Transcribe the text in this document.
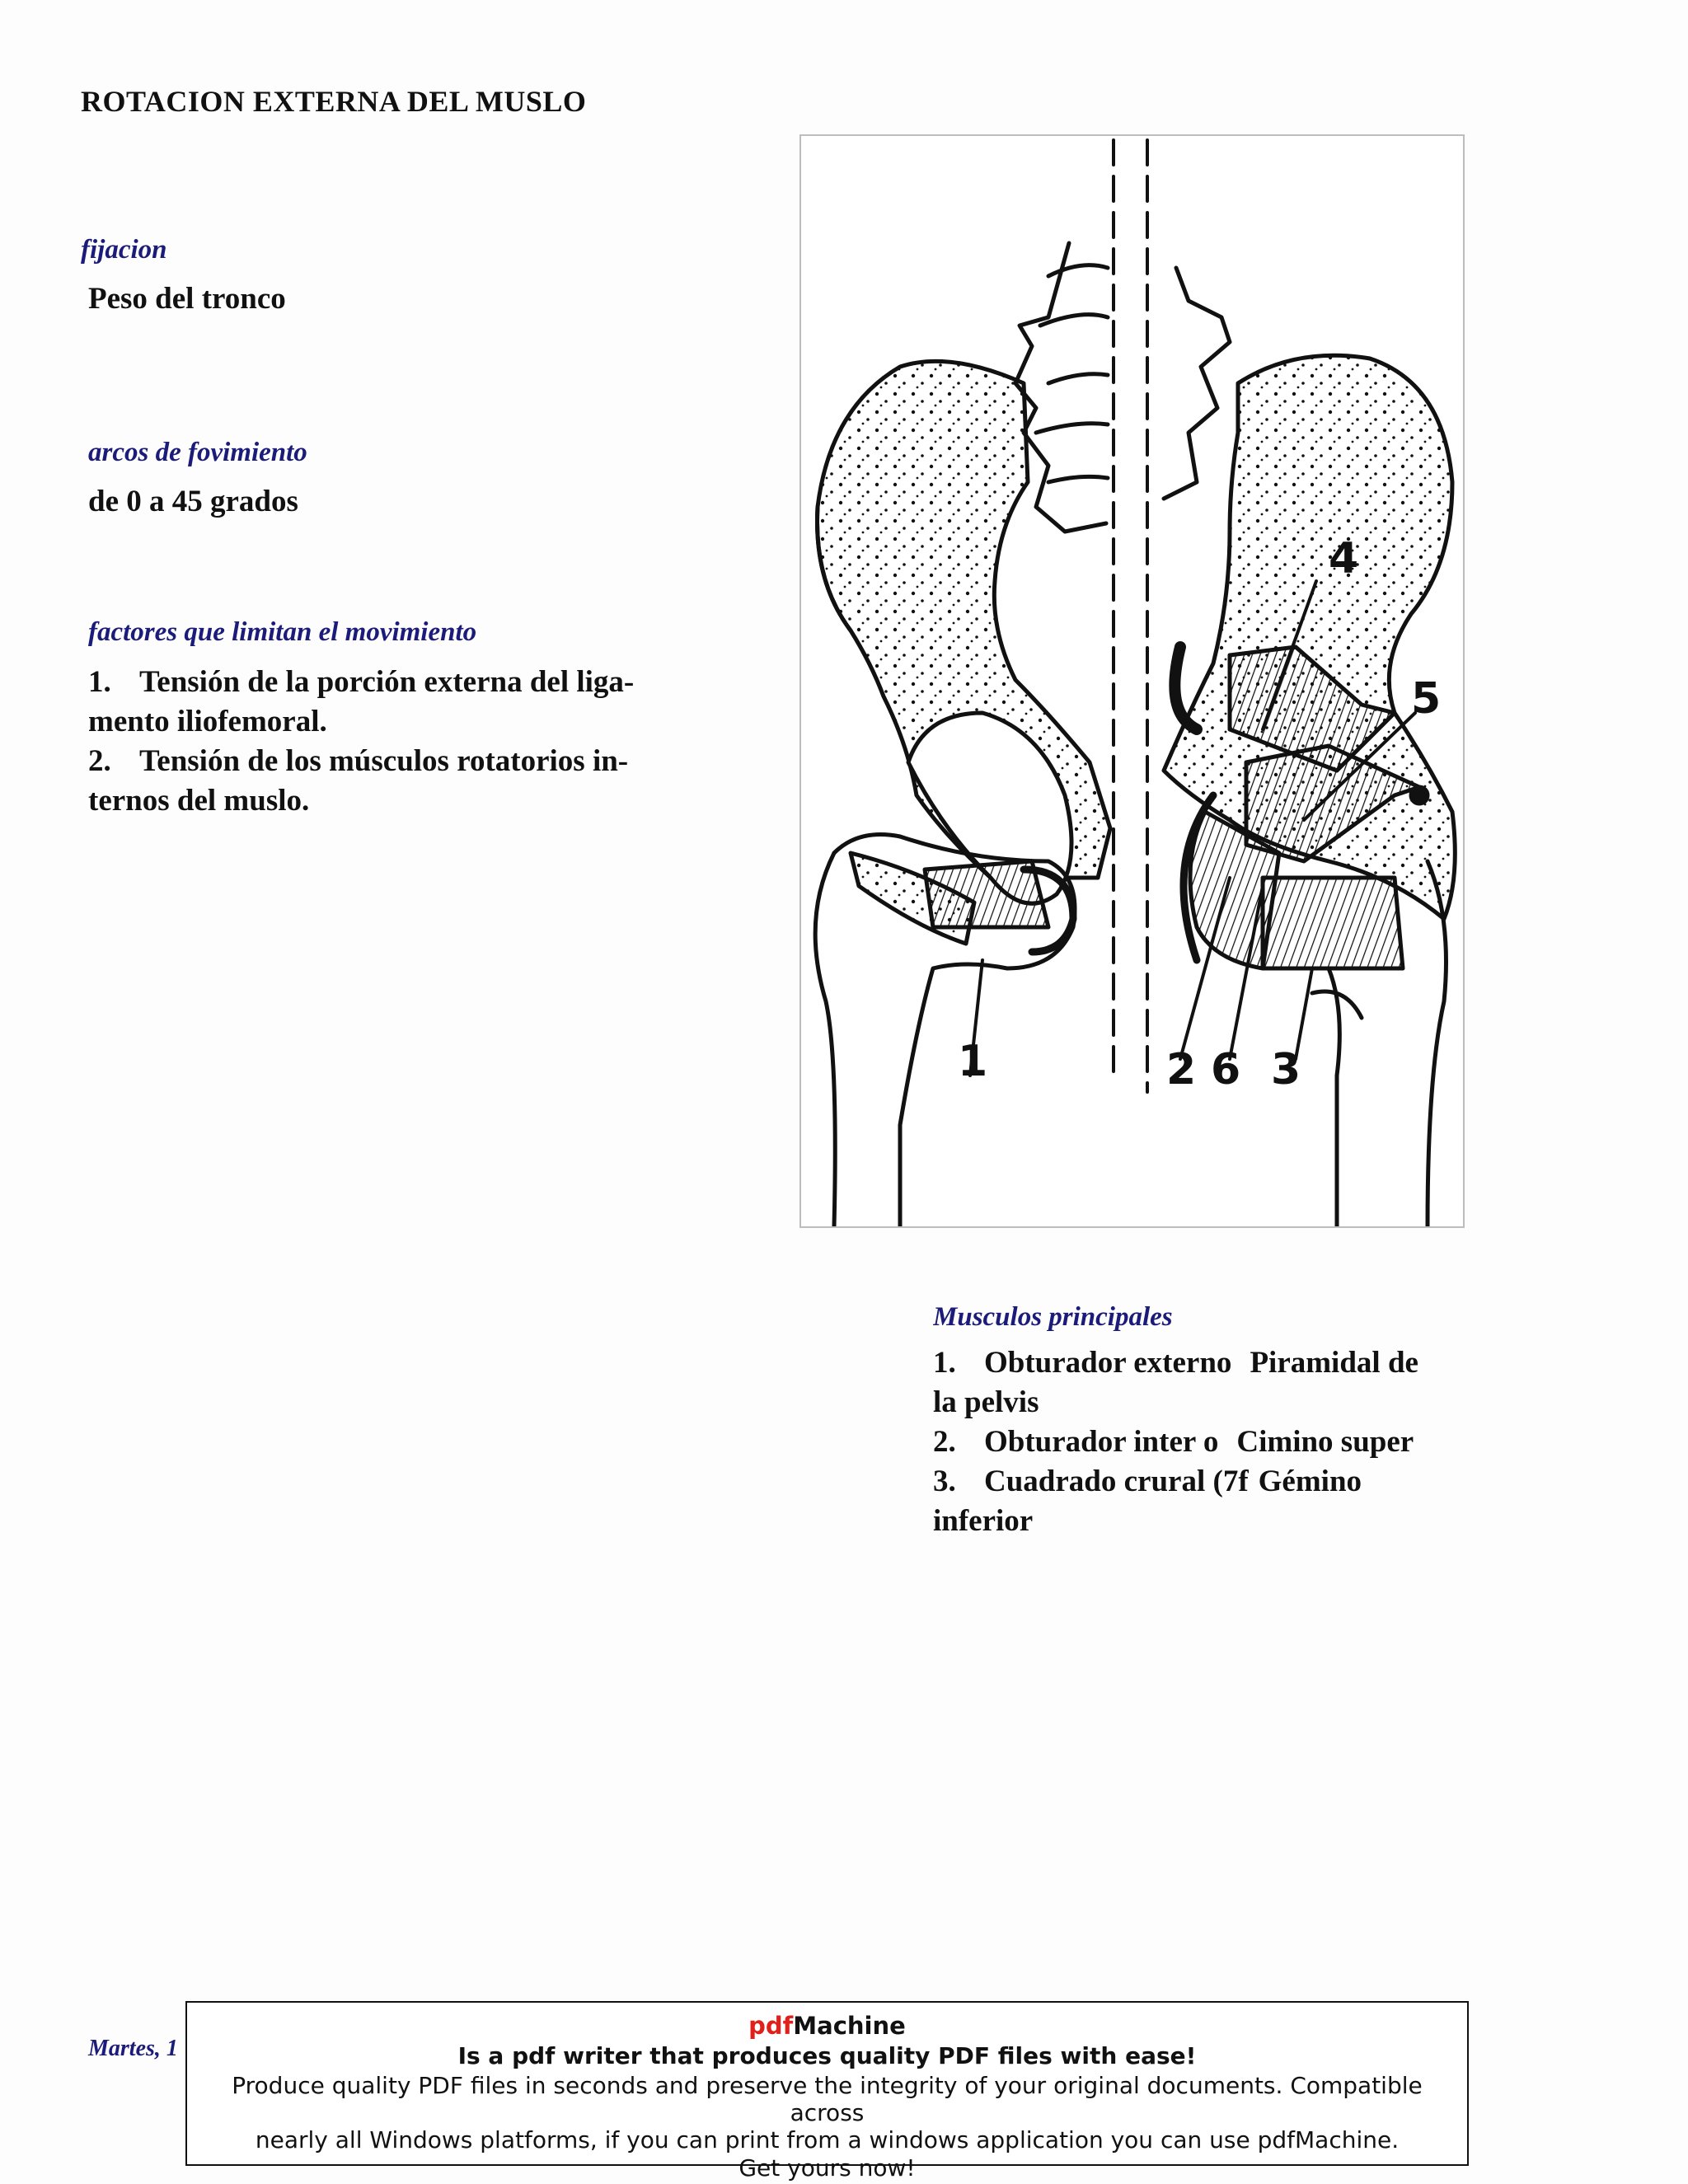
ROTACION EXTERNA DEL MUSLO
fijacion
Peso del tronco
arcos de fovimiento
de 0 a 45 grados
factores que limitan el movimiento
1. Tensión de la porción externa del liga-
mento iliofemoral.
2. Tensión de los músculos rotatorios in-
ternos del muslo.
1	2 6 3
4
5
Musculos principales
1. Obturador externo Piramidal de
la pelvis
2. Obturador inter o Cimino super
3. Cuadrado crural (7f Gémino
inferior
Martes, 1
pdfMachine
Is a pdf writer that produces quality PDF files with ease!
Produce quality PDF files in seconds and preserve the integrity of your original documents. Compatible across
nearly all Windows platforms, if you can print from a windows application you can use pdfMachine.
Get yours now!
